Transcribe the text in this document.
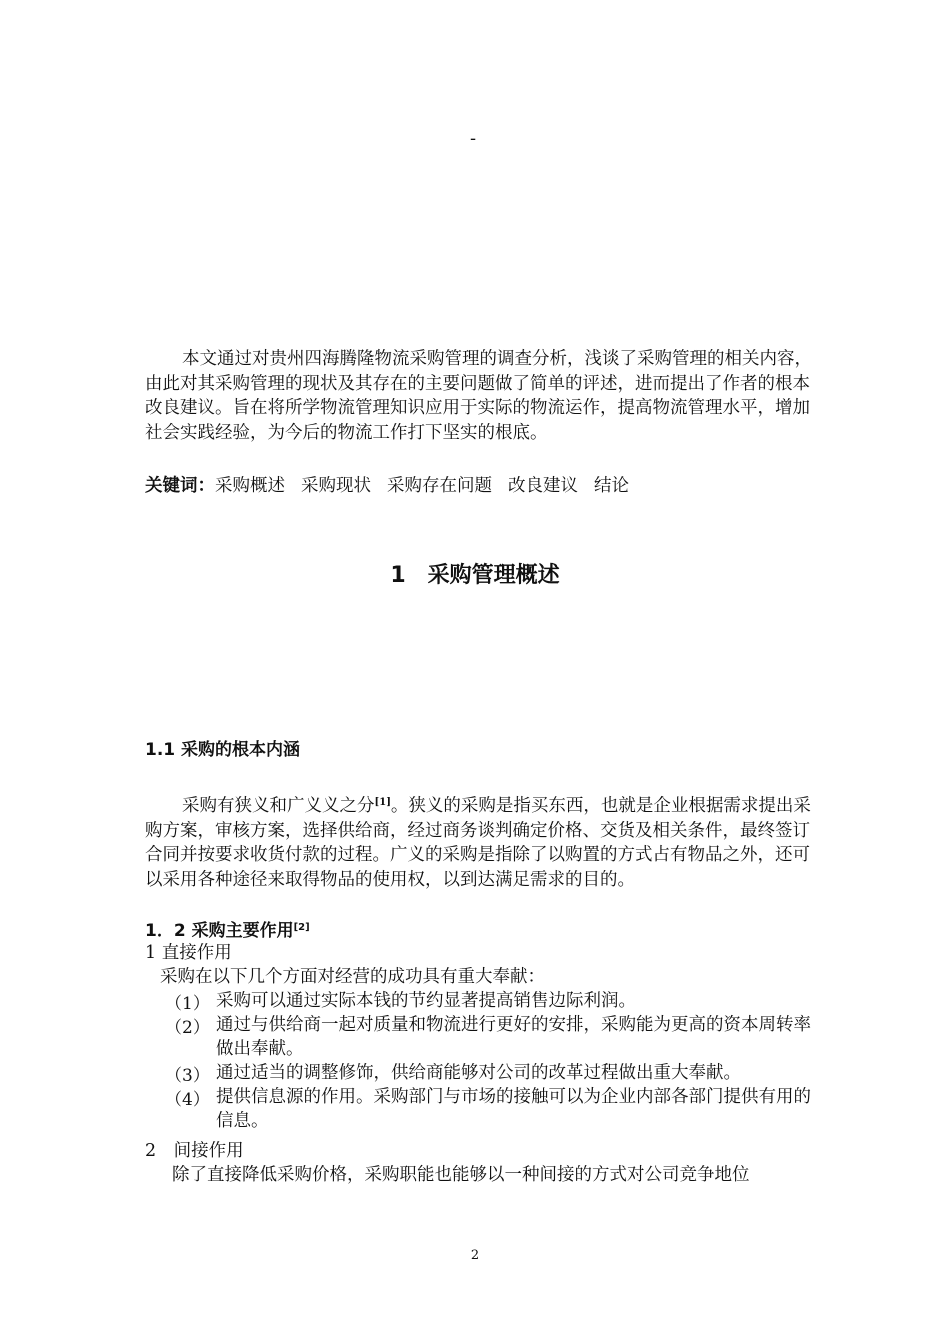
-

本文通过对贵州四海腾隆物流采购管理的调查分析，浅谈了采购管理的相关内容，由此对其采购管理的现状及其存在的主要问题做了简单的评述，进而提出了作者的根本改良建议。旨在将所学物流管理知识应用于实际的物流运作，提高物流管理水平，增加社会实践经验，为今后的物流工作打下坚实的根底。

关键词：采购概述 采购现状 采购存在问题 改良建议 结论
1　采购管理概述
1.1 采购的根本内涵

采购有狭义和广义义之分[1]。狭义的采购是指买东西，也就是企业根据需求提出采购方案，审核方案，选择供给商，经过商务谈判确定价格、交货及相关条件，最终签订合同并按要求收货付款的过程。广义的采购是指除了以购置的方式占有物品之外，还可以采用各种途径来取得物品的使用权，以到达满足需求的目的。

1．2 采购主要作用[2]
1 直接作用
采购在以下几个方面对经营的成功具有重大奉献：
（1） 采购可以通过实际本钱的节约显著提高销售边际利润。

（2） 通过与供给商一起对质量和物流进行更好的安排，采购能为更高的资本周转率做出奉献。

（3） 通过适当的调整修饰，供给商能够对公司的改革过程做出重大奉献。

（4） 提供信息源的作用。采购部门与市场的接触可以为企业内部各部门提供有用的信息。

2　间接作用
除了直接降低采购价格，采购职能也能够以一种间接的方式对公司竞争地位
2
